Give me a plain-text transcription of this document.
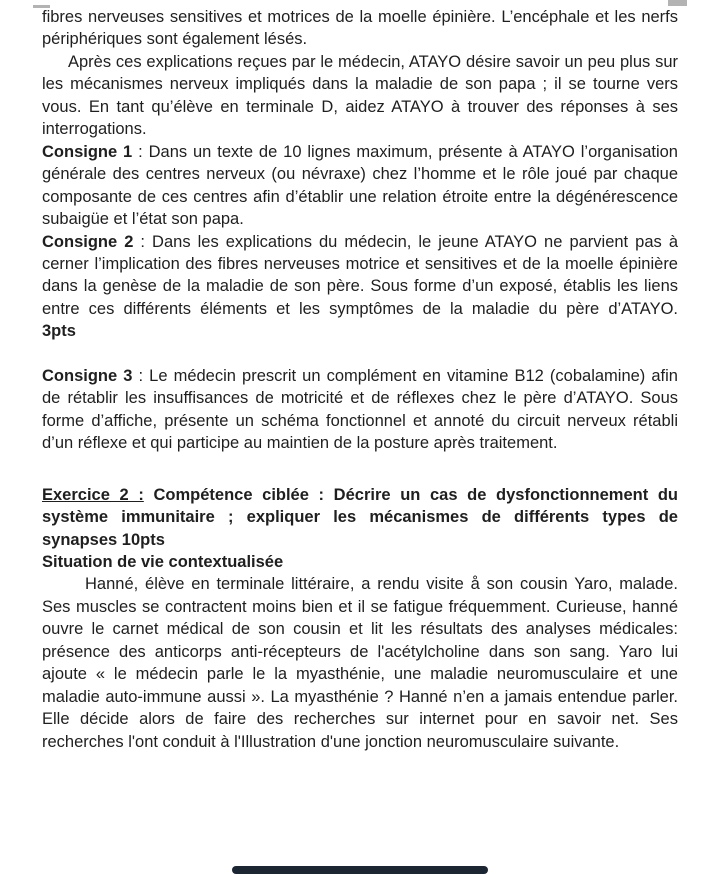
fibres nerveuses sensitives et motrices de la moelle épinière. L’encéphale et les nerfs périphériques sont également lésés.

Après ces explications reçues par le médecin, ATAYO désire savoir un peu plus sur les mécanismes nerveux impliqués dans la maladie de son papa ; il se tourne vers vous. En tant qu’élève en terminale D, aidez ATAYO à trouver des réponses à ses interrogations.

Consigne 1 : Dans un texte de 10 lignes maximum, présente à ATAYO l’organisation générale des centres nerveux (ou névraxe) chez l’homme et le rôle joué par chaque composante de ces centres afin d’établir une relation étroite entre la dégénérescence subaigüe et l’état son papa.

Consigne 2 : Dans les explications du médecin, le jeune ATAYO ne parvient pas à cerner l’implication des fibres nerveuses motrice et sensitives et de la moelle épinière dans la genèse de la maladie de son père. Sous forme d’un exposé, établis les liens entre ces différents éléments et les symptômes de la maladie du père d’ATAYO.

3pts

Consigne 3 : Le médecin prescrit un complément en vitamine B12 (cobalamine) afin de rétablir les insuffisances de motricité et de réflexes chez le père d’ATAYO. Sous forme d’affiche, présente un schéma fonctionnel et annoté du circuit nerveux rétabli d’un réflexe et qui participe au maintien de la posture après traitement.

Exercice 2 : Compétence ciblée : Décrire un cas de dysfonctionnement du système immunitaire ; expliquer les mécanismes de différents types de synapses 10pts

Situation de vie contextualisée

Hanné, élève en terminale littéraire, a rendu visite å son cousin Yaro, malade. Ses muscles se contractent moins bien et il se fatigue fréquemment. Curieuse, hanné ouvre le carnet médical de son cousin et lit les résultats des analyses médicales: présence des anticorps anti-récepteurs de l'acétylcholine dans son sang. Yaro lui ajoute « le médecin parle le la myasthénie, une maladie neuromusculaire et une maladie auto-immune aussi ». La myasthénie ? Hanné n’en a jamais entendue parler. Elle décide alors de faire des recherches sur internet pour en savoir net. Ses recherches l'ont conduit à l'Illustration d'une jonction neuromusculaire suivante.
